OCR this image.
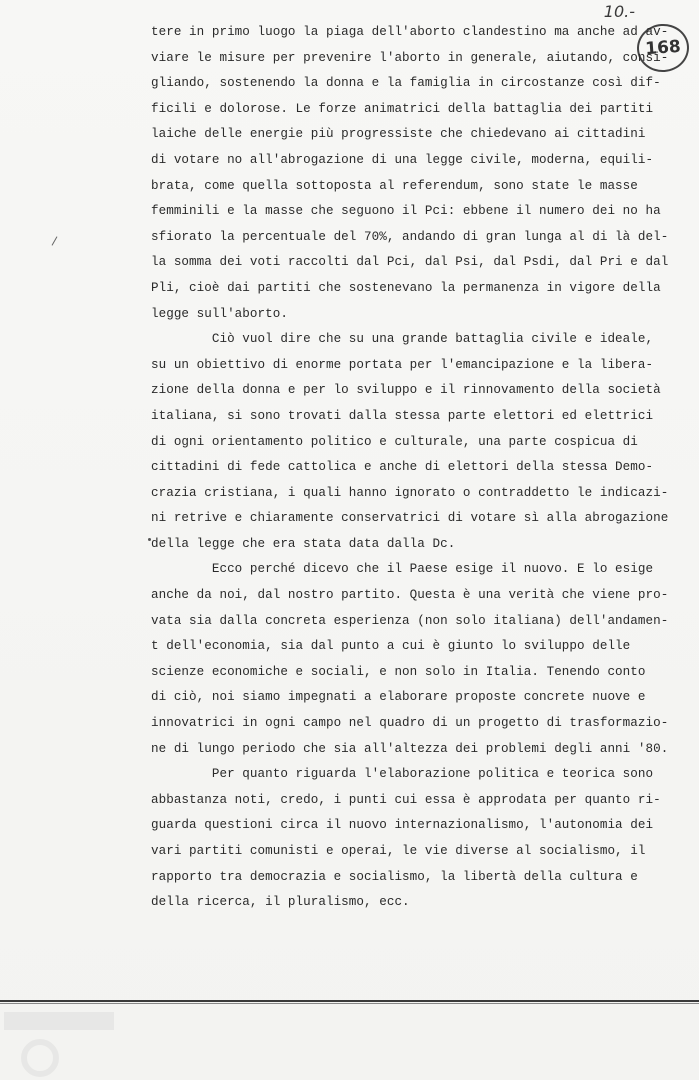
10.-
168
tere in primo luogo la piaga dell'aborto clandestino ma anche ad av-
viare le misure per prevenire l'aborto in generale, aiutando, consi-
gliando, sostenendo la donna e la famiglia in circostanze così dif-
ficili e dolorose. Le forze animatrici della battaglia dei partiti
laiche delle energie più progressiste che chiedevano ai cittadini
di votare no all'abrogazione di una legge civile, moderna, equili-
brata, come quella sottoposta al referendum, sono state le masse
femminili e la masse che seguono il Pci: ebbene il numero dei no ha
sfiorato la percentuale del 70%, andando di gran lunga al di là del-
la somma dei voti raccolti dal Pci, dal Psi, dal Psdi, dal Pri e dal
Pli, cioè dai partiti che sostenevano la permanenza in vigore della
legge sull'aborto.
Ciò vuol dire che su una grande battaglia civile e ideale,
su un obiettivo di enorme portata per l'emancipazione e la libera-
zione della donna e per lo sviluppo e il rinnovamento della società
italiana, si sono trovati dalla stessa parte elettori ed elettrici
di ogni orientamento politico e culturale, una parte cospicua di
cittadini di fede cattolica e anche di elettori della stessa Demo-
crazia cristiana, i quali hanno ignorato o contraddetto le indicazi-
ni retrive e chiaramente conservatrici di votare sì alla abrogazione
della legge che era stata data dalla Dc.
Ecco perché dicevo che il Paese esige il nuovo. E lo esige
anche da noi, dal nostro partito. Questa è una verità che viene pro-
vata sia dalla concreta esperienza (non solo italiana) dell'andamen-
t dell'economia, sia dal punto a cui è giunto lo sviluppo delle
scienze economiche e sociali, e non solo in Italia. Tenendo conto
di ciò, noi siamo impegnati a elaborare proposte concrete nuove e
innovatrici in ogni campo nel quadro di un progetto di trasformazio-
ne di lungo periodo che sia all'altezza dei problemi degli anni '80.
Per quanto riguarda l'elaborazione politica e teorica sono
abbastanza noti, credo, i punti cui essa è approdata per quanto ri-
guarda questioni circa il nuovo internazionalismo, l'autonomia dei
vari partiti comunisti e operai, le vie diverse al socialismo, il
rapporto tra democrazia e socialismo, la libertà della cultura e
della ricerca, il pluralismo, ecc.
